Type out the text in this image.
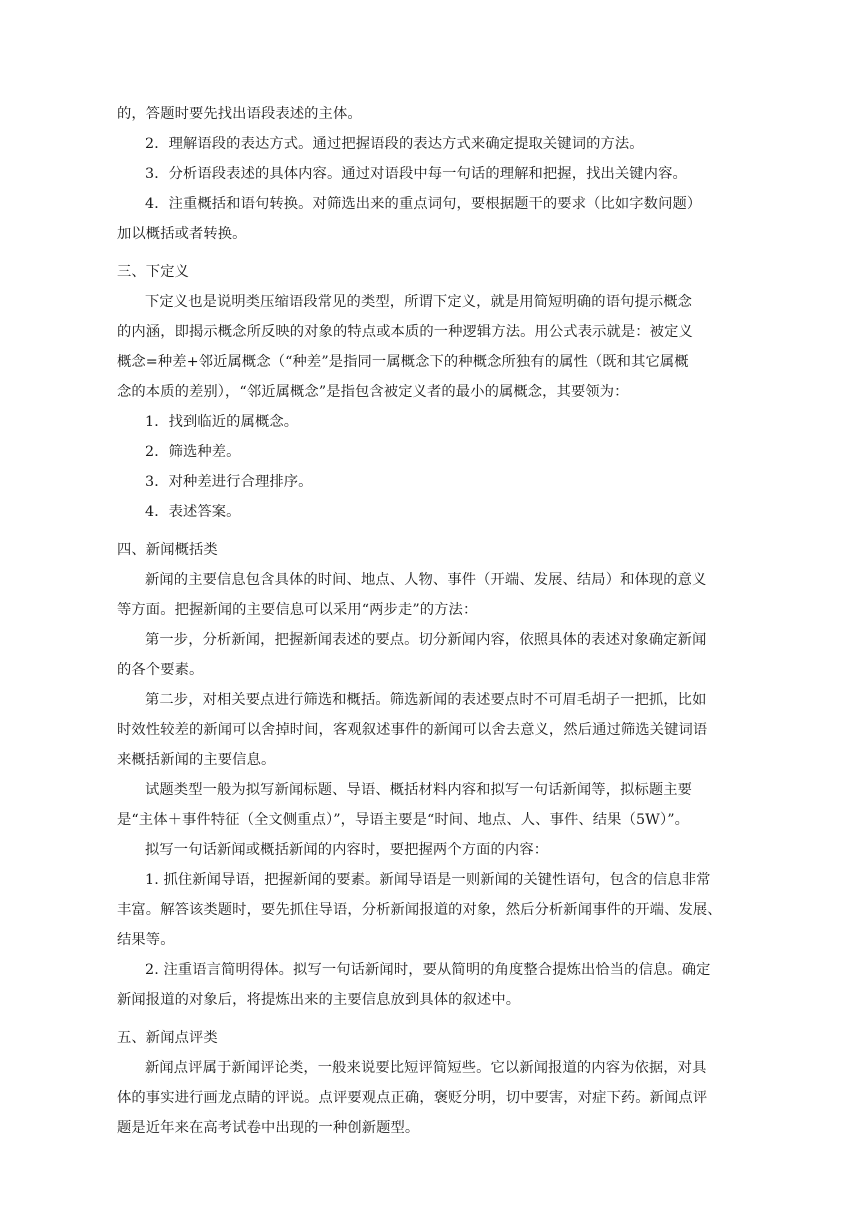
的，答题时要先找出语段表述的主体。
2．理解语段的表达方式。通过把握语段的表达方式来确定提取关键词的方法。
3．分析语段表述的具体内容。通过对语段中每一句话的理解和把握，找出关键内容。
4．注重概括和语句转换。对筛选出来的重点词句，要根据题干的要求（比如字数问题）
加以概括或者转换。
三、下定义
下定义也是说明类压缩语段常见的类型，所谓下定义，就是用简短明确的语句提示概念
的内涵，即揭示概念所反映的对象的特点或本质的一种逻辑方法。用公式表示就是：被定义
概念=种差+邻近属概念（“种差”是指同一属概念下的种概念所独有的属性（既和其它属概
念的本质的差别），“邻近属概念”是指包含被定义者的最小的属概念，其要领为：
1．找到临近的属概念。
2．筛选种差。
3．对种差进行合理排序。
4．表述答案。
四、新闻概括类
新闻的主要信息包含具体的时间、地点、人物、事件（开端、发展、结局）和体现的意义
等方面。把握新闻的主要信息可以采用“两步走”的方法：
第一步，分析新闻，把握新闻表述的要点。切分新闻内容，依照具体的表述对象确定新闻
的各个要素。
第二步，对相关要点进行筛选和概括。筛选新闻的表述要点时不可眉毛胡子一把抓，比如
时效性较差的新闻可以舍掉时间，客观叙述事件的新闻可以舍去意义，然后通过筛选关键词语
来概括新闻的主要信息。
试题类型一般为拟写新闻标题、导语、概括材料内容和拟写一句话新闻等，拟标题主要
是“主体＋事件特征（全文侧重点）”，导语主要是“时间、地点、人、事件、结果（5W）”。
拟写一句话新闻或概括新闻的内容时，要把握两个方面的内容：
1. 抓住新闻导语，把握新闻的要素。新闻导语是一则新闻的关键性语句，包含的信息非常
丰富。解答该类题时，要先抓住导语，分析新闻报道的对象，然后分析新闻事件的开端、发展、
结果等。
2. 注重语言简明得体。拟写一句话新闻时，要从简明的角度整合提炼出恰当的信息。确定
新闻报道的对象后，将提炼出来的主要信息放到具体的叙述中。
五、新闻点评类
新闻点评属于新闻评论类，一般来说要比短评简短些。它以新闻报道的内容为依据，对具
体的事实进行画龙点睛的评说。点评要观点正确，褒贬分明，切中要害，对症下药。新闻点评
题是近年来在高考试卷中出现的一种创新题型。
